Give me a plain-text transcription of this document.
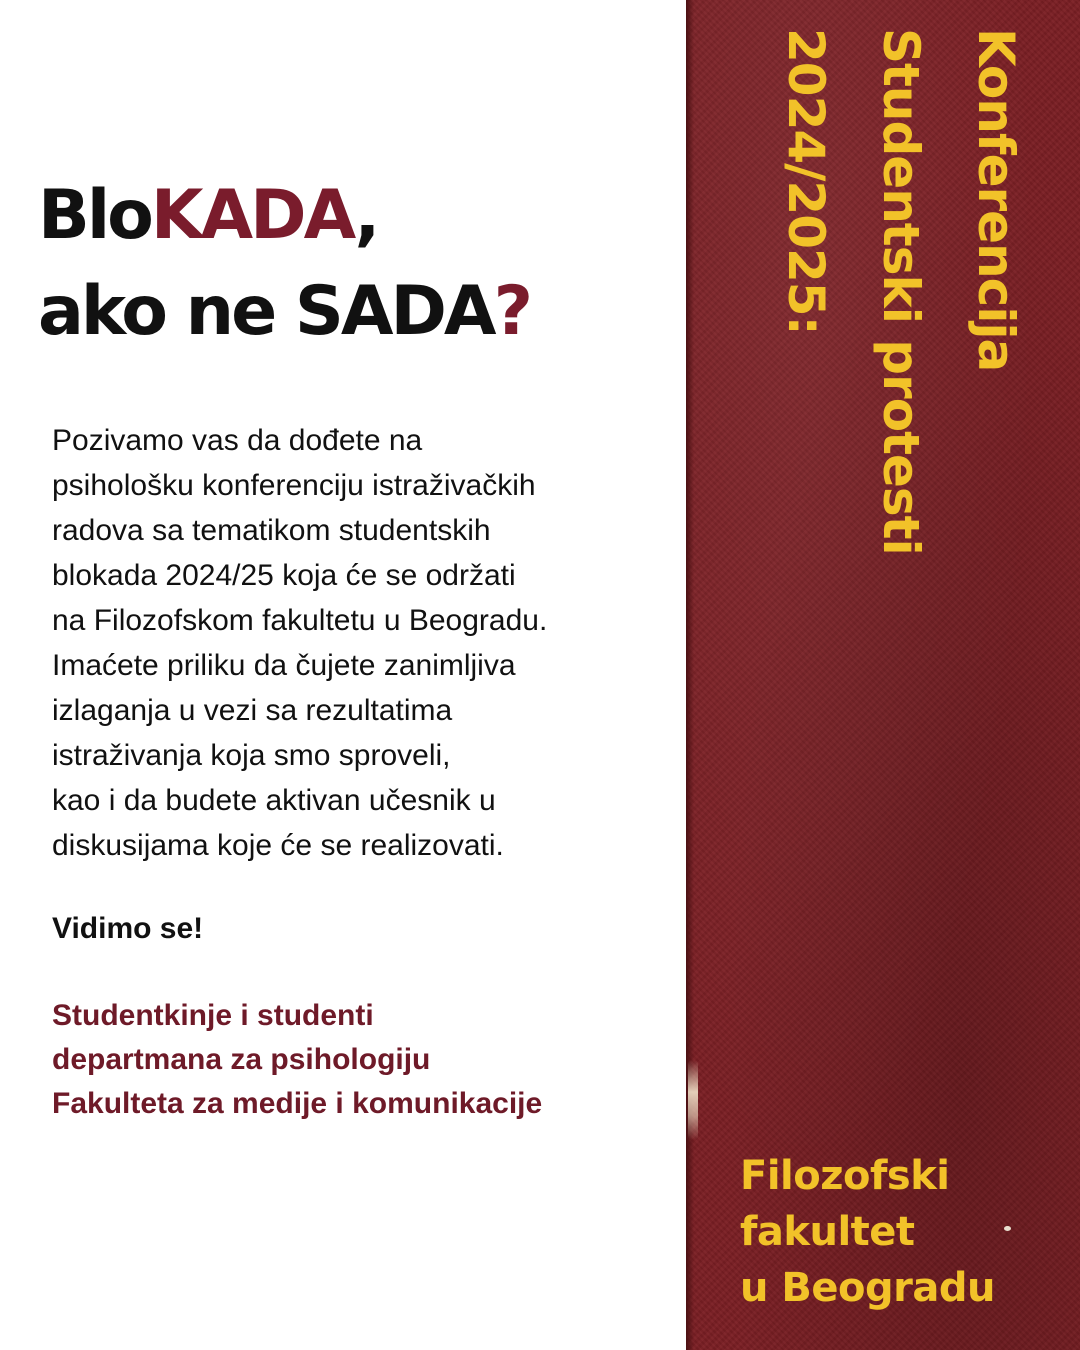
BloKADA,
ako ne SADA?

Pozivamo vas da dođete na
psihološku konferenciju istraživačkih
radova sa tematikom studentskih
blokada 2024/25 koja će se održati
na Filozofskom fakultetu u Beogradu.
Imaćete priliku da čujete zanimljiva
izlaganja u vezi sa rezultatima
istraživanja koja smo sproveli,
kao i da budete aktivan učesnik u
diskusijama koje će se realizovati.

Vidimo se!

Studentkinje i studenti
departmana za psihologiju
Fakulteta za medije i komunikacije

Konferencija
Studentski protesti
2024/2025:

Filozofski
fakultet
u Beogradu
